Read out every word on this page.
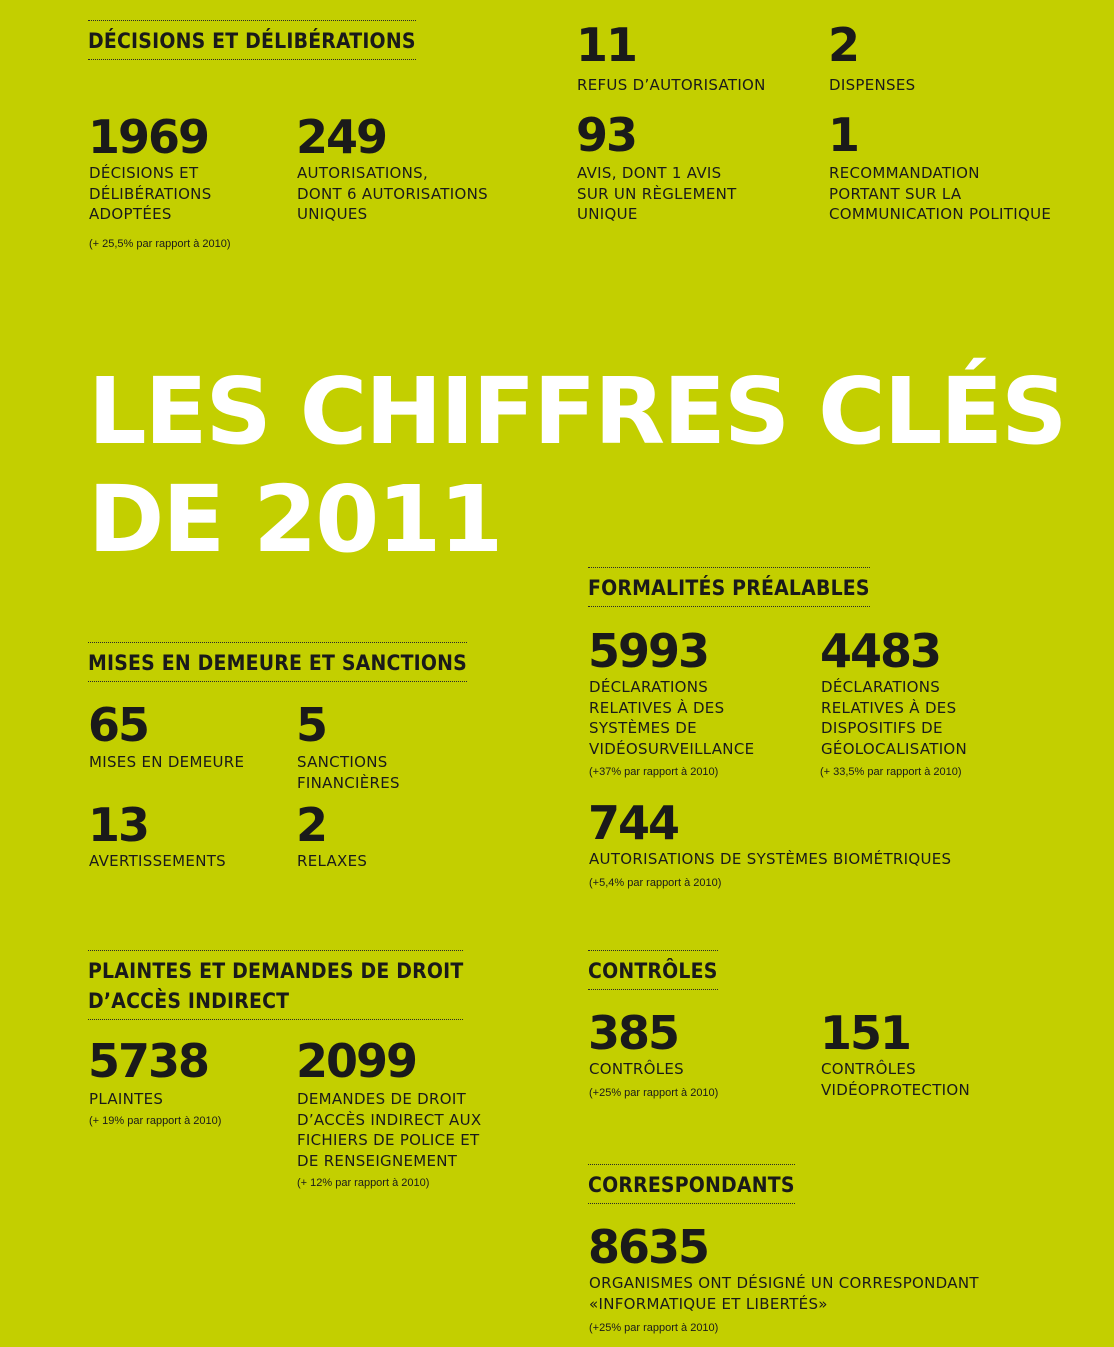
DÉCISIONS ET DÉLIBÉRATIONS
1969
DÉCISIONS ET
DÉLIBÉRATIONS
ADOPTÉES
(+ 25,5% par rapport à 2010)
249
AUTORISATIONS,
DONT 6 AUTORISATIONS
UNIQUES
11
REFUS D’AUTORISATION
2
DISPENSES
93
AVIS, DONT 1 AVIS
SUR UN RÈGLEMENT
UNIQUE
1
RECOMMANDATION
PORTANT SUR LA
COMMUNICATION POLITIQUE
LES CHIFFRES CLÉS
DE 2011
FORMALITÉS PRÉALABLES
5993
DÉCLARATIONS
RELATIVES À DES
SYSTÈMES DE
VIDÉOSURVEILLANCE
(+37% par rapport à 2010)
4483
DÉCLARATIONS
RELATIVES À DES
DISPOSITIFS DE
GÉOLOCALISATION
(+ 33,5% par rapport à 2010)
744
AUTORISATIONS DE SYSTÈMES BIOMÉTRIQUES
(+5,4% par rapport à 2010)
MISES EN DEMEURE ET SANCTIONS
65
MISES EN DEMEURE
5
SANCTIONS
FINANCIÈRES
13
AVERTISSEMENTS
2
RELAXES
PLAINTES ET DEMANDES DE DROIT
D’ACCÈS INDIRECT
5738
PLAINTES
(+ 19% par rapport à 2010)
2099
DEMANDES DE DROIT
D’ACCÈS INDIRECT AUX
FICHIERS DE POLICE ET
DE RENSEIGNEMENT
(+ 12% par rapport à 2010)
CONTRÔLES
385
CONTRÔLES
(+25% par rapport à 2010)
151
CONTRÔLES
VIDÉOPROTECTION
CORRESPONDANTS
8635
ORGANISMES ONT DÉSIGNÉ UN CORRESPONDANT
«INFORMATIQUE ET LIBERTÉS»
(+25% par rapport à 2010)
